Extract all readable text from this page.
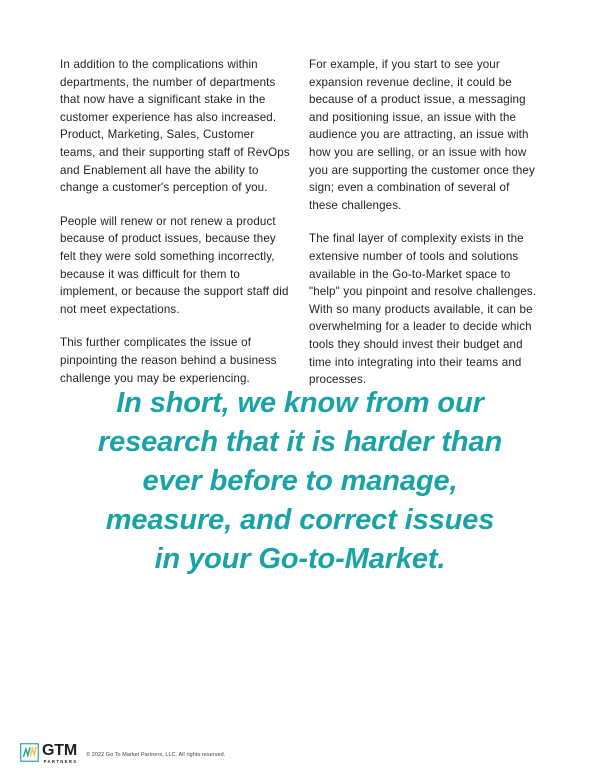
In addition to the complications within departments, the number of departments that now have a significant stake in the customer experience has also increased. Product, Marketing, Sales, Customer teams, and their supporting staff of RevOps and Enablement all have the ability to change a customer's perception of you.

People will renew or not renew a product because of product issues, because they felt they were sold something incorrectly, because it was difficult for them to implement, or because the support staff did not meet expectations.

This further complicates the issue of pinpointing the reason behind a business challenge you may be experiencing.

For example, if you start to see your expansion revenue decline, it could be because of a product issue, a messaging and positioning issue, an issue with the audience you are attracting, an issue with how you are selling, or an issue with how you are supporting the customer once they sign; even a combination of several of these challenges.

The final layer of complexity exists in the extensive number of tools and solutions available in the Go-to-Market space to "help" you pinpoint and resolve challenges. With so many products available, it can be overwhelming for a leader to decide which tools they should invest their budget and time into integrating into their teams and processes.

In short, we know from our
research that it is harder than
ever before to manage,
measure, and correct issues
in your Go-to-Market.
GTM
PARTNERS
© 2022 Go To Market Partners, LLC. All rights reserved.
